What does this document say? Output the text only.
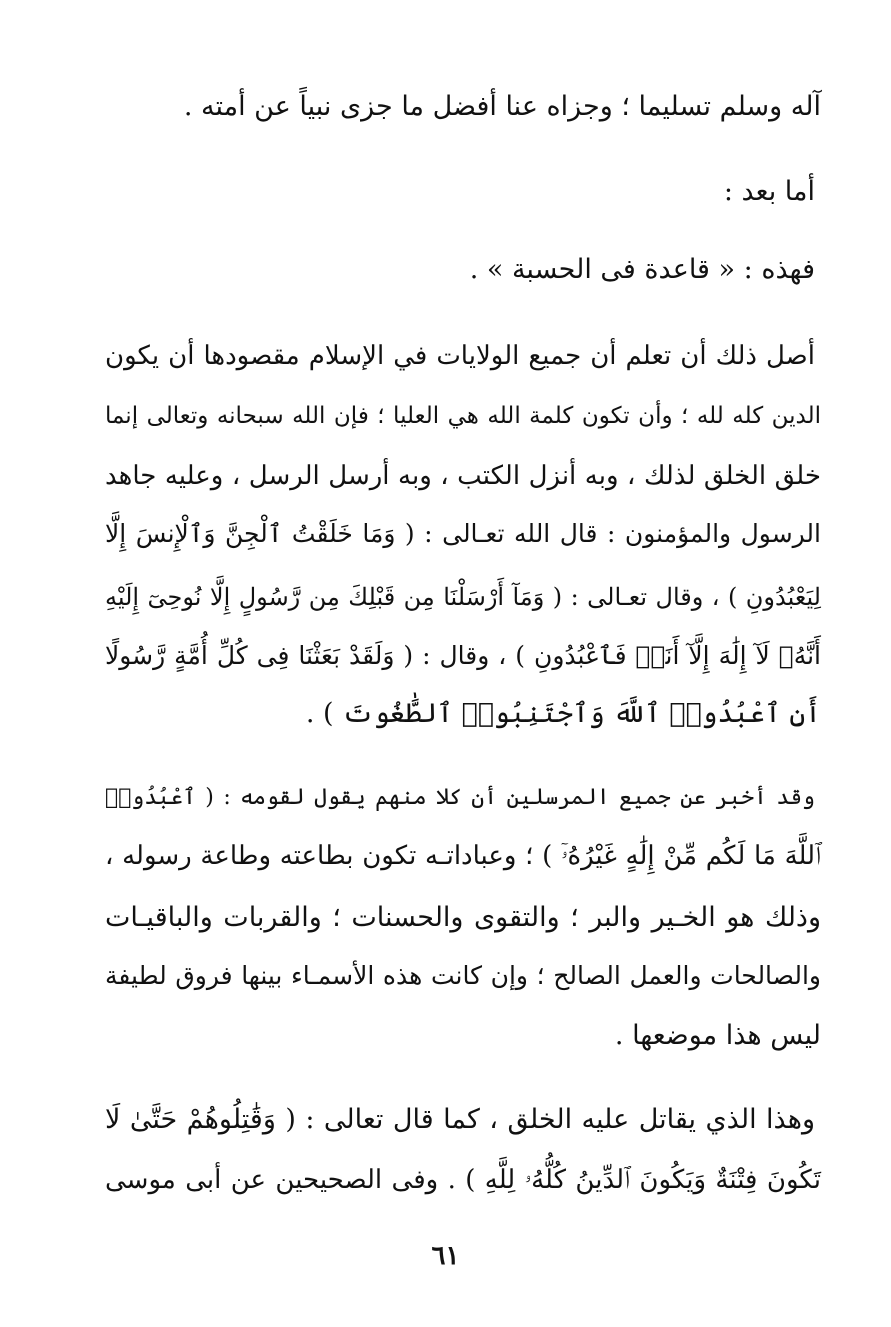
آله وسلم تسليما ؛ وجزاه عنا أفضل ما جزى نبياً عن أمته .
أما بعد :
فهذه : « قاعدة فى الحسبة » .
أصل ذلك أن تعلم أن جميع الولايات في الإسلام مقصودها أن يكون
الدين كله لله ؛ وأن تكون كلمة الله هي العليا ؛ فإن الله سبحانه وتعالى إنما
خلق الخلق لذلك ، وبه أنزل الكتب ، وبه أرسل الرسل ، وعليه جاهد
الرسول والمؤمنون : قال الله تعـالى : ( وَمَا خَلَقْتُ ٱلْجِنَّ وَٱلْإِنسَ إِلَّا
لِيَعْبُدُونِ ) ، وقال تعـالى : ( وَمَآ أَرْسَلْنَا مِن قَبْلِكَ مِن رَّسُولٍ إِلَّا نُوحِىٓ إِلَيْهِ
أَنَّهُۥ لَآ إِلَٰهَ إِلَّآ أَنَا۠ فَٱعْبُدُونِ ) ، وقال : ( وَلَقَدْ بَعَثْنَا فِى كُلِّ أُمَّةٍ رَّسُولًا
أَنِ ٱعْبُدُوا۟ ٱللَّهَ وَٱجْتَنِبُوا۟ ٱلطَّٰغُوتَ ) .
وقد أخبر عن جميع المرسلين أن كلا منهم يقول لقومه : ( ٱعْبُدُوا۟
ٱللَّهَ مَا لَكُم مِّنْ إِلَٰهٍ غَيْرُهُۥٓ ) ؛ وعباداتـه تكون بطاعته وطاعة رسوله ،
وذلك هو الخـير والبر ؛ والتقوى والحسنات ؛ والقربات والباقيـات
والصالحات والعمل الصالح ؛ وإن كانت هذه الأسمـاء بينها فروق لطيفة
ليس هذا موضعها .
وهذا الذي يقاتل عليه الخلق ، كما قال تعالى : ( وَقَٰتِلُوهُمْ حَتَّىٰ لَا
تَكُونَ فِتْنَةٌ وَيَكُونَ ٱلدِّينُ كُلُّهُۥ لِلَّهِ ) . وفى الصحيحين عن أبى موسى
٦١
